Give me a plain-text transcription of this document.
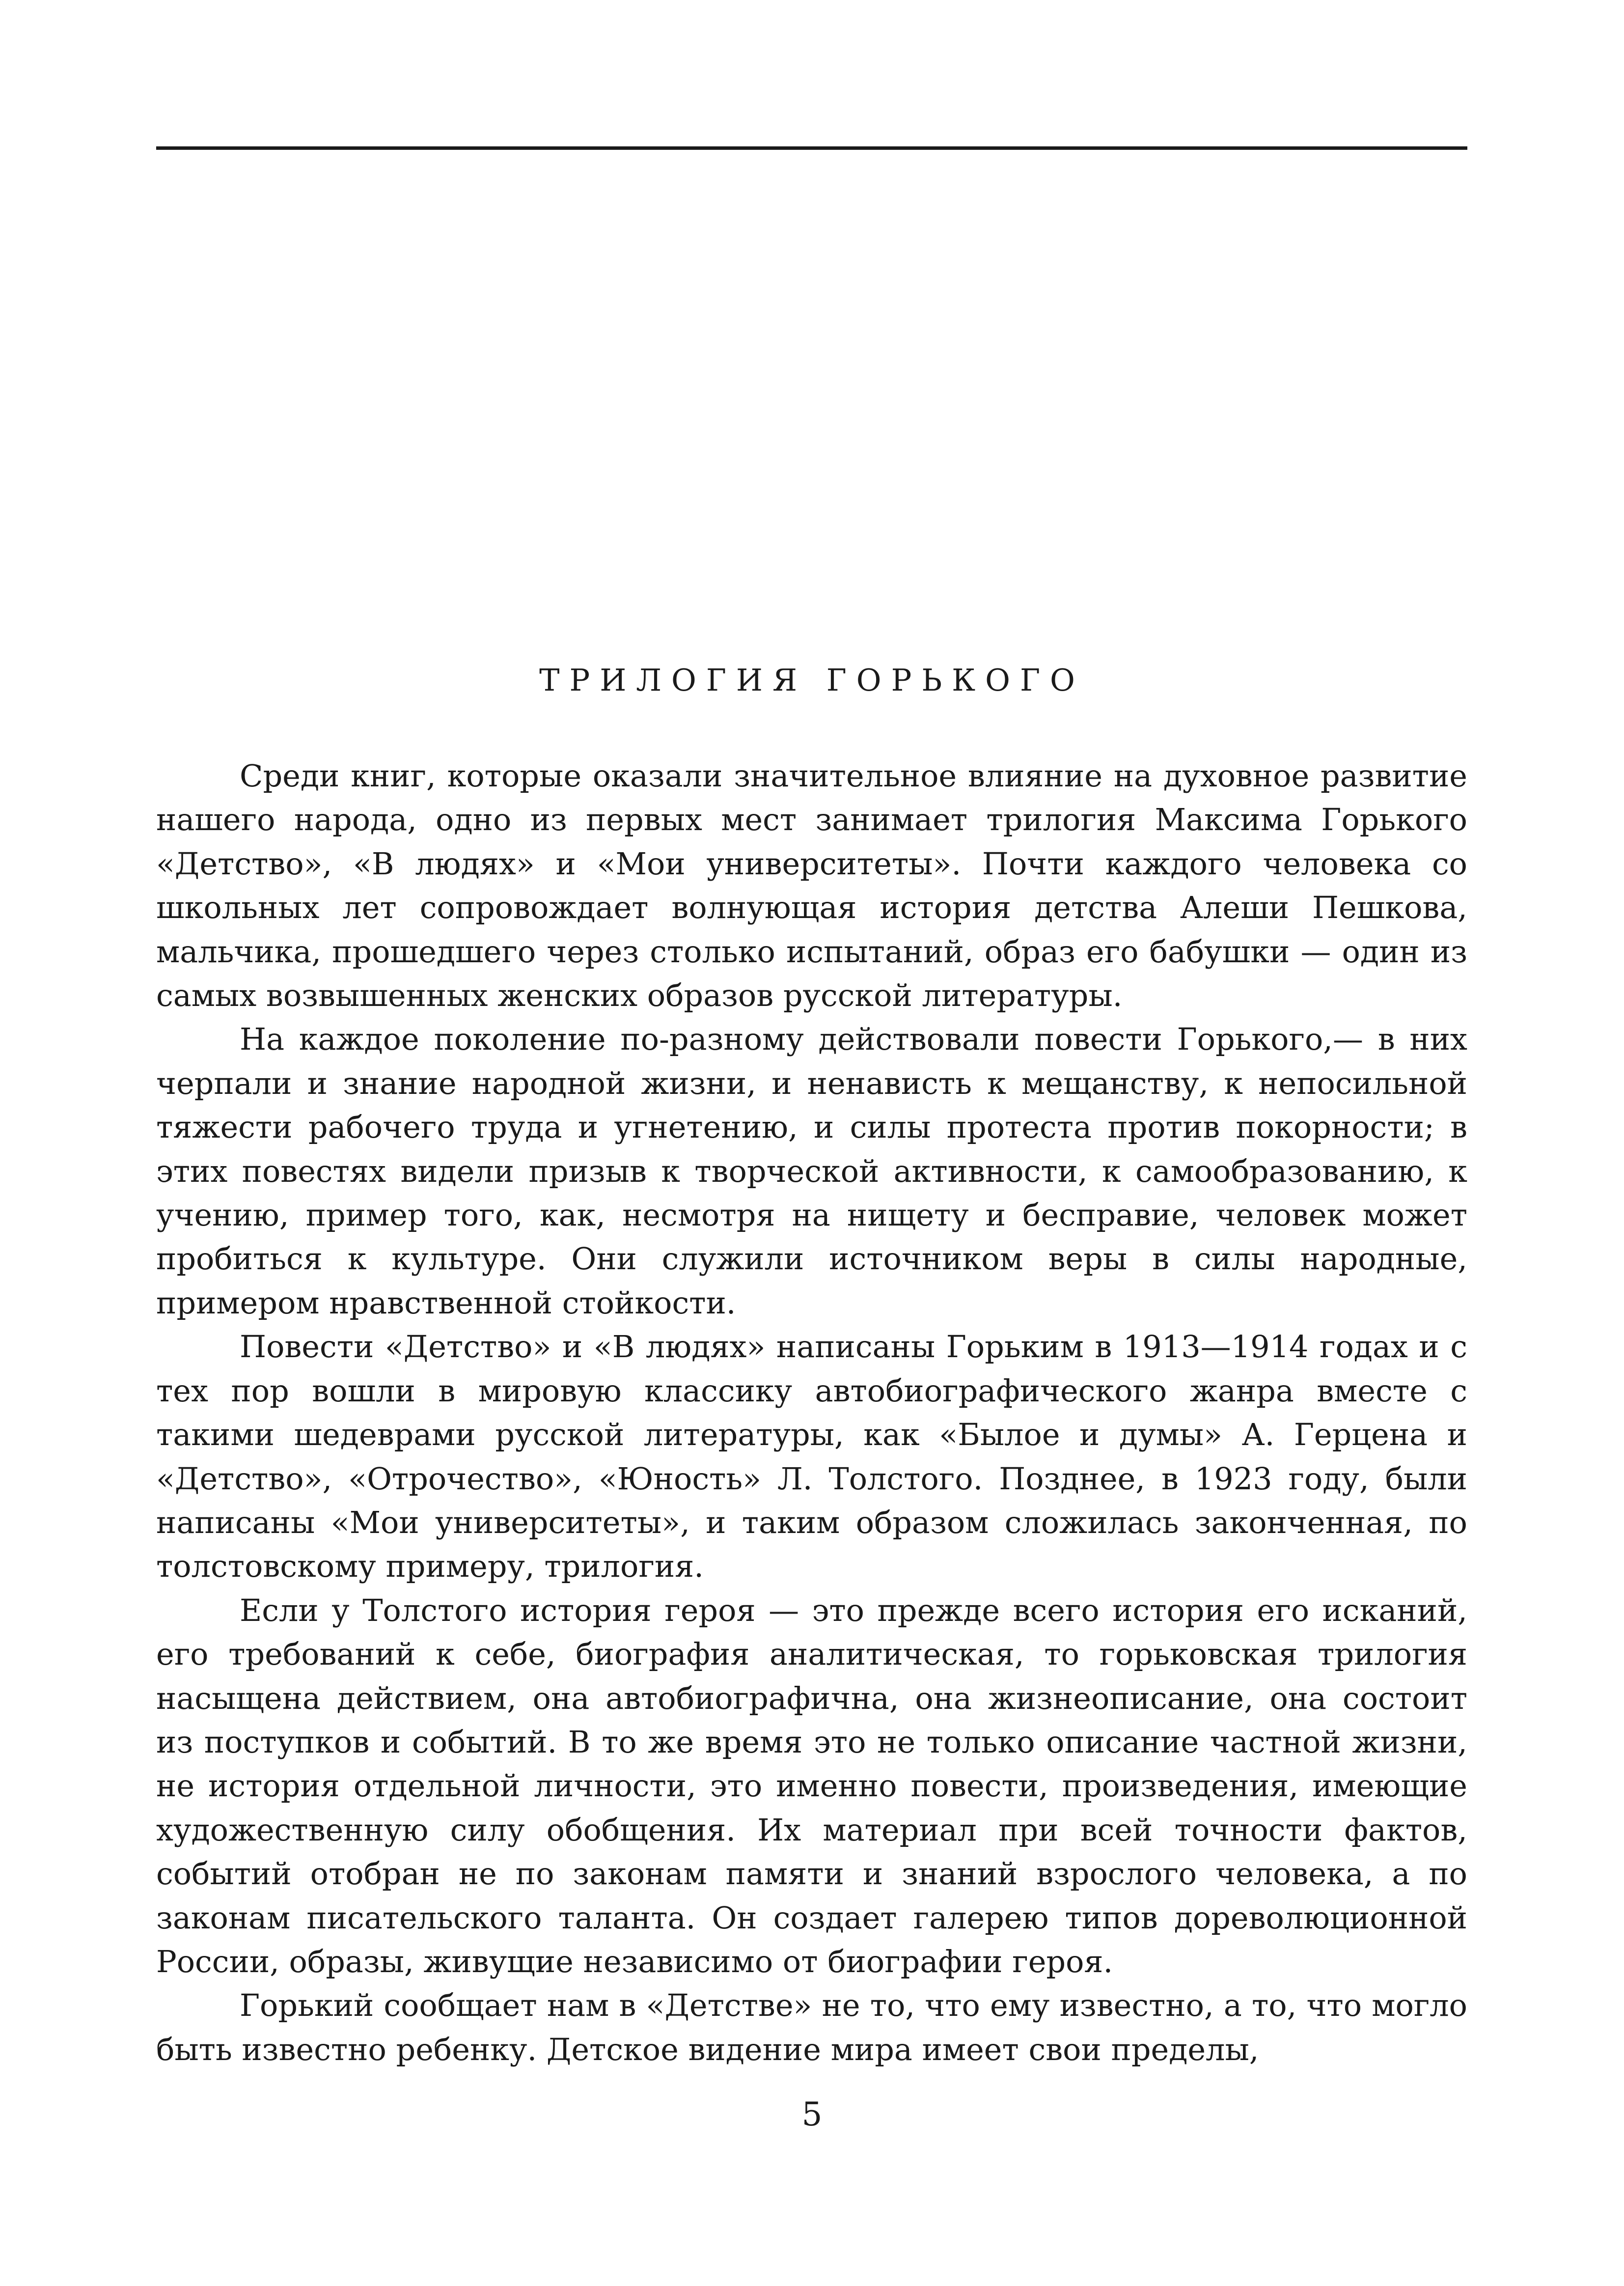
ТРИЛОГИЯ ГОРЬКОГО

Среди книг, которые оказали значительное влияние на духовное развитие нашего народа, одно из первых мест занимает трилогия Максима Горького «Детство», «В людях» и «Мои университеты». Почти каждого человека со школьных лет сопровождает волнующая история детства Алеши Пешкова, мальчика, прошедшего через столько испытаний, образ его бабушки — один из самых возвышенных женских образов русской литературы.

На каждое поколение по-разному действовали повести Горького,— в них черпали и знание народной жизни, и ненависть к мещанству, к непосильной тяжести рабочего труда и угнетению, и силы протеста против покорности; в этих повестях видели призыв к творческой активности, к самообразованию, к учению, пример того, как, несмотря на нищету и бесправие, человек может пробиться к культуре. Они служили источником веры в силы народные, примером нравственной стойкости.

Повести «Детство» и «В людях» написаны Горьким в 1913—1914 годах и с тех пор вошли в мировую классику автобиографического жанра вместе с такими шедеврами русской литературы, как «Былое и думы» А. Герцена и «Детство», «Отрочество», «Юность» Л. Толстого. Позднее, в 1923 году, были написаны «Мои университеты», и таким образом сложилась законченная, по толстовскому примеру, трилогия.

Если у Толстого история героя — это прежде всего история его исканий, его требований к себе, биография аналитическая, то горьковская трилогия насыщена действием, она автобиографична, она жизнеописание, она состоит из поступков и событий. В то же время это не только описание частной жизни, не история отдельной личности, это именно повести, произведения, имеющие художественную силу обобщения. Их материал при всей точности фактов, событий отобран не по законам памяти и знаний взрослого человека, а по законам писательского таланта. Он создает галерею типов дореволюционной России, образы, живущие независимо от биографии героя.

Горький сообщает нам в «Детстве» не то, что ему известно, а то, что могло быть известно ребенку. Детское видение мира имеет свои пределы,

5
